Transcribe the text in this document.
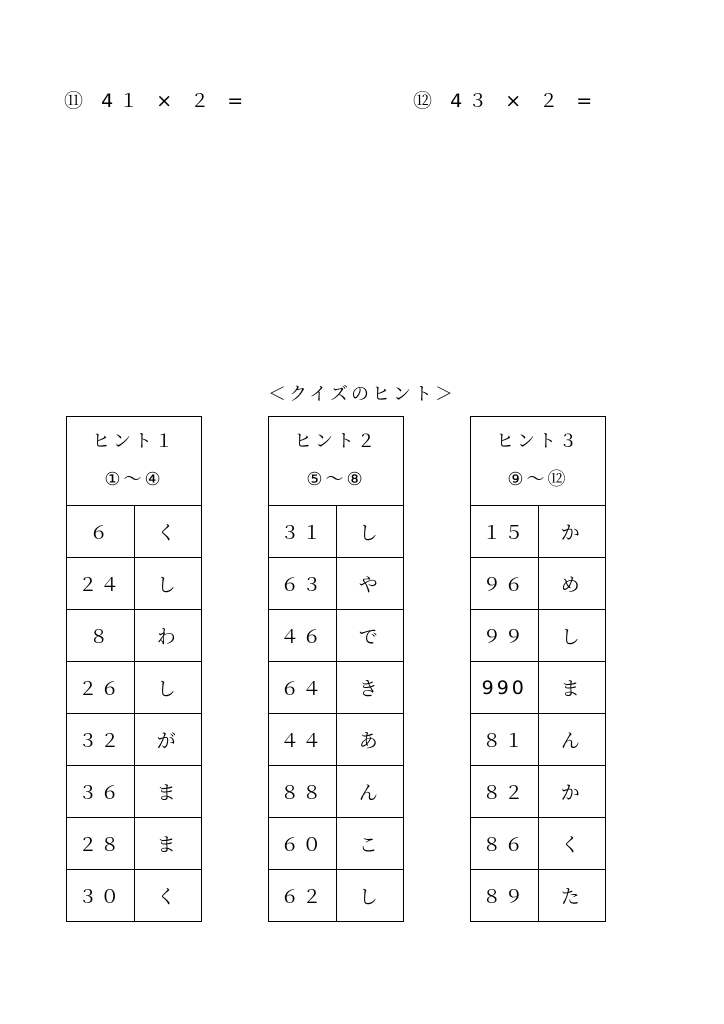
⑪ 4１ × ２ =	⑫ 4３ × ２ =
＜クイズのヒント＞
ヒント１
①～④	

６	く
２４	し
８	わ
２６	し
３２	が
３６	ま
２８	ま
３０	く
ヒント２
⑤～⑧	

３１	し
６３	や
４６	で
６４	き
４４	あ
８８	ん
６０	こ
６２	し
ヒント３
⑨～⑫	

１５	か
９６	め
９９	し
990	ま
８１	ん
８２	か
８６	く
８９	た
